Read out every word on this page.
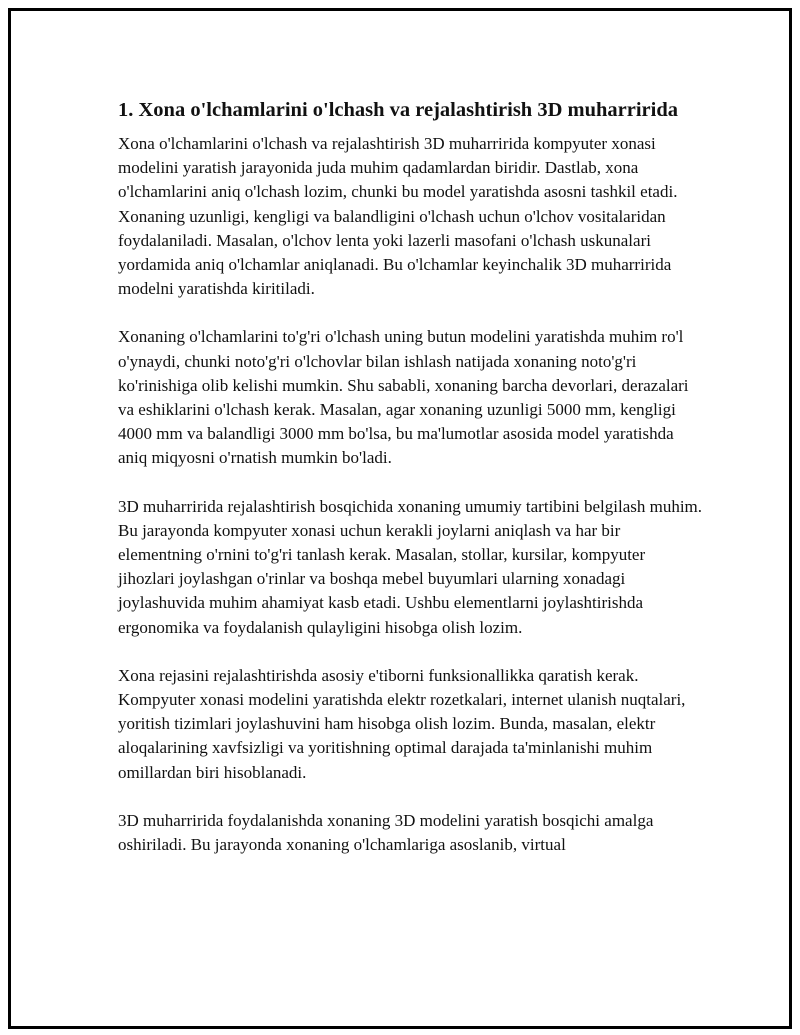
1. Xona o'lchamlarini o'lchash va rejalashtirish 3D muharririda

Xona o'lchamlarini o'lchash va rejalashtirish 3D muharririda kompyuter xonasi modelini yaratish jarayonida juda muhim qadamlardan biridir. Dastlab, xona o'lchamlarini aniq o'lchash lozim, chunki bu model yaratishda asosni tashkil etadi. Xonaning uzunligi, kengligi va balandligini o'lchash uchun o'lchov vositalaridan foydalaniladi. Masalan, o'lchov lenta yoki lazerli masofani o'lchash uskunalari yordamida aniq o'lchamlar aniqlanadi. Bu o'lchamlar keyinchalik 3D muharririda modelni yaratishda kiritiladi.

Xonaning o'lchamlarini to'g'ri o'lchash uning butun modelini yaratishda muhim ro'l o'ynaydi, chunki noto'g'ri o'lchovlar bilan ishlash natijada xonaning noto'g'ri ko'rinishiga olib kelishi mumkin. Shu sababli, xonaning barcha devorlari, derazalari va eshiklarini o'lchash kerak. Masalan, agar xonaning uzunligi 5000 mm, kengligi 4000 mm va balandligi 3000 mm bo'lsa, bu ma'lumotlar asosida model yaratishda aniq miqyosni o'rnatish mumkin bo'ladi.

3D muharririda rejalashtirish bosqichida xonaning umumiy tartibini belgilash muhim. Bu jarayonda kompyuter xonasi uchun kerakli joylarni aniqlash va har bir elementning o'rnini to'g'ri tanlash kerak. Masalan, stollar, kursilar, kompyuter jihozlari joylashgan o'rinlar va boshqa mebel buyumlari ularning xonadagi joylashuvida muhim ahamiyat kasb etadi. Ushbu elementlarni joylashtirishda ergonomika va foydalanish qulayligini hisobga olish lozim.

Xona rejasini rejalashtirishda asosiy e'tiborni funksionallikka qaratish kerak. Kompyuter xonasi modelini yaratishda elektr rozetkalari, internet ulanish nuqtalari, yoritish tizimlari joylashuvini ham hisobga olish lozim. Bunda, masalan, elektr aloqalarining xavfsizligi va yoritishning optimal darajada ta'minlanishi muhim omillardan biri hisoblanadi.

3D muharririda foydalanishda xonaning 3D modelini yaratish bosqichi amalga oshiriladi. Bu jarayonda xonaning o'lchamlariga asoslanib, virtual
